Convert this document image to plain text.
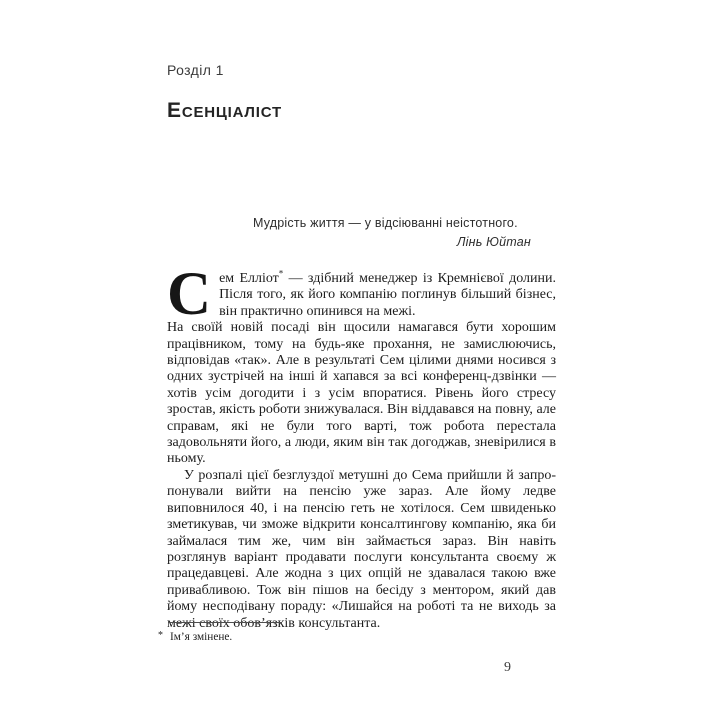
Розділ 1
ЕСЕНЦІАЛІСТ
Мудрість життя — у відсіюванні неістотного.
Лінь Юйтан

Сем Елліот* — здібний менеджер із Кремнієвої долини. Після того, як його компанію поглинув більший бізнес, він практично опинився на межі.

На своїй новій посаді він щосили намагався бути хорошим працівником, тому на будь-яке прохання, не замислюючись, відповідав «так». Але в результаті Сем цілими днями носився з одних зустрічей на інші й хапався за всі конференц-дзвінки — хотів усім догодити і з усім впоратися. Рівень його стресу зростав, якість роботи знижувалася. Він віддавався на повну, але справам, які не були того варті, тож робота перестала задовольняти його, а люди, яким він так догоджав, зневірилися в ньому.

У розпалі цієї безглуздої метушні до Сема прийшли й запропонували вийти на пенсію уже зараз. Але йому ледве виповнилося 40, і на пенсію геть не хотілося. Сем швиденько зметикував, чи зможе відкрити консалтингову компанію, яка би займалася тим же, чим він займається зараз. Він навіть розглянув варіант продавати послуги консультанта своєму ж працедавцеві. Але жодна з цих опцій не здавалася такою вже привабливою. Тож він пішов на бесіду з ментором, який дав йому несподівану пораду: «Лишайся на роботі та не виходь за межі своїх обов’язків консультанта.

* Ім’я змінене.
9
